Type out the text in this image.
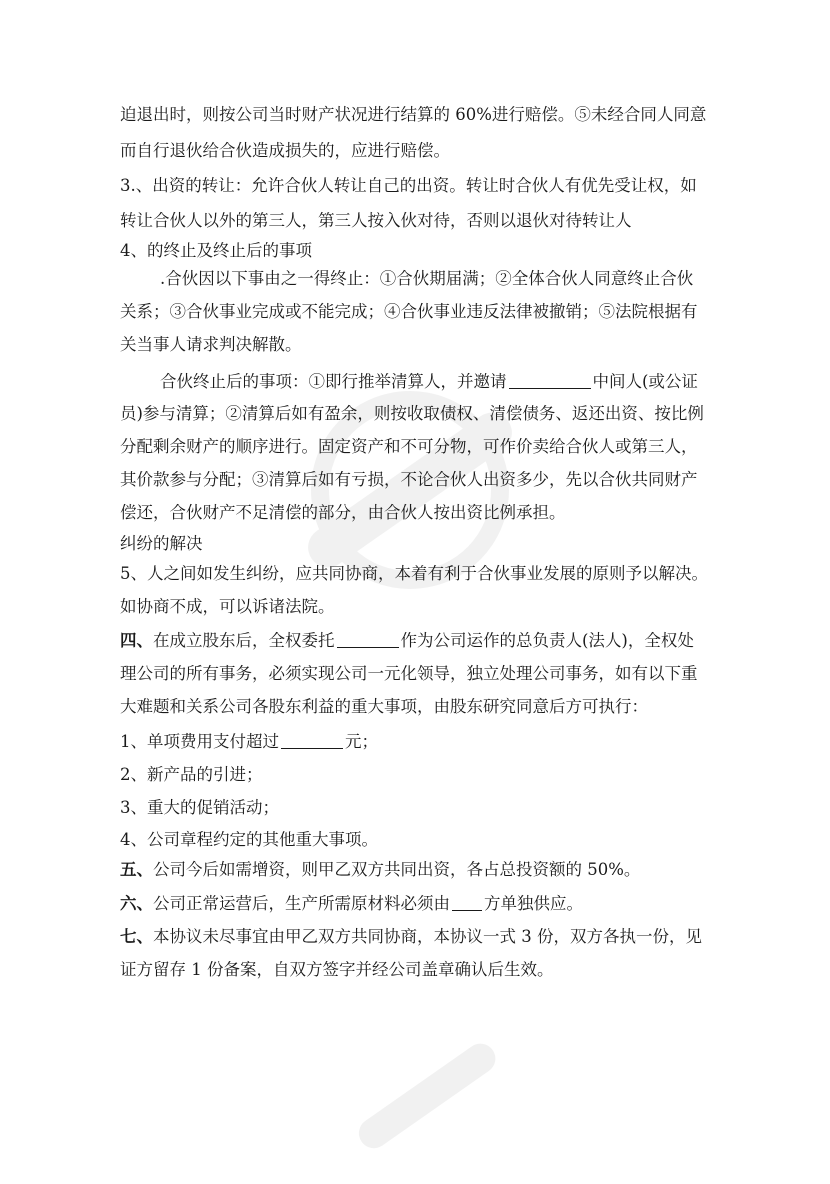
迫退出时，则按公司当时财产状况进行结算的 60%进行赔偿。⑤未经合同人同意
而自行退伙给合伙造成损失的，应进行赔偿。
3.、出资的转让：允许合伙人转让自己的出资。转让时合伙人有优先受让权，如
转让合伙人以外的第三人，第三人按入伙对待，否则以退伙对待转让人
4、的终止及终止后的事项
.合伙因以下事由之一得终止：①合伙期届满；②全体合伙人同意终止合伙
关系；③合伙事业完成或不能完成；④合伙事业违反法律被撤销；⑤法院根据有
关当事人请求判决解散。
合伙终止后的事项：①即行推举清算人，并邀请	中间人(或公证
员)参与清算；②清算后如有盈余，则按收取债权、清偿债务、返还出资、按比例
分配剩余财产的顺序进行。固定资产和不可分物，可作价卖给合伙人或第三人，
其价款参与分配；③清算后如有亏损，不论合伙人出资多少，先以合伙共同财产
偿还，合伙财产不足清偿的部分，由合伙人按出资比例承担。
纠纷的解决
5、人之间如发生纠纷，应共同协商，本着有利于合伙事业发展的原则予以解决。
如协商不成，可以诉诸法院。
四、在成立股东后，全权委托	作为公司运作的总负责人(法人)，全权处
理公司的所有事务，必须实现公司一元化领导，独立处理公司事务，如有以下重
大难题和关系公司各股东利益的重大事项，由股东研究同意后方可执行：
1、单项费用支付超过	元；
2、新产品的引进；
3、重大的促销活动；
4、公司章程约定的其他重大事项。
五、公司今后如需增资，则甲乙双方共同出资，各占总投资额的 50%。
六、公司正常运营后，生产所需原材料必须由 方单独供应。
七、本协议未尽事宜由甲乙双方共同协商，本协议一式 3 份，双方各执一份，见
证方留存 1 份备案，自双方签字并经公司盖章确认后生效。
